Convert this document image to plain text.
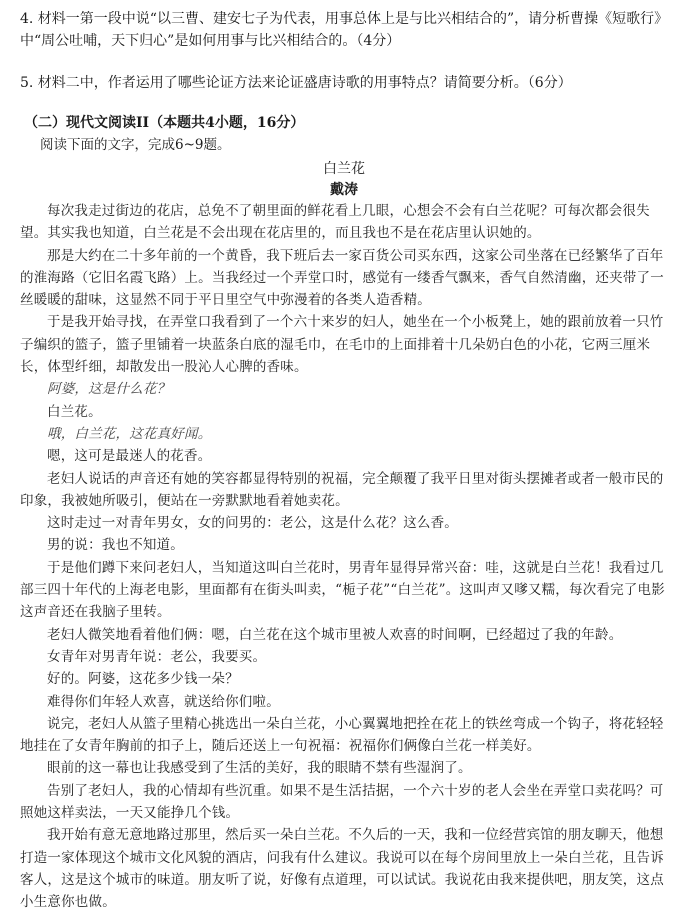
4. 材料一第一段中说“以三曹、建安七子为代表，用事总体上是与比兴相结合的”，请分析曹操《短歌行》中“周公吐哺，天下归心”是如何用事与比兴相结合的。（4分）

5. 材料二中，作者运用了哪些论证方法来论证盛唐诗歌的用事特点？请简要分析。（6分）

（二）现代文阅读II（本题共4小题，16分）

阅读下面的文字，完成6~9题。

白兰花

戴涛

每次我走过街边的花店，总免不了朝里面的鲜花看上几眼，心想会不会有白兰花呢？可每次都会很失望。其实我也知道，白兰花是不会出现在花店里的，而且我也不是在花店里认识她的。

那是大约在二十多年前的一个黄昏，我下班后去一家百货公司买东西，这家公司坐落在已经繁华了百年的淮海路（它旧名霞飞路）上。当我经过一个弄堂口时，感觉有一缕香气飘来，香气自然清幽，还夹带了一丝暖暖的甜味，这显然不同于平日里空气中弥漫着的各类人造香精。

于是我开始寻找，在弄堂口我看到了一个六十来岁的妇人，她坐在一个小板凳上，她的跟前放着一只竹子编织的篮子，篮子里铺着一块蓝条白底的湿毛巾，在毛巾的上面排着十几朵奶白色的小花，它两三厘米长，体型纤细，却散发出一股沁人心脾的香味。

阿婆，这是什么花？

白兰花。

哦，白兰花，这花真好闻。

嗯，这可是最迷人的花香。

老妇人说话的声音还有她的笑容都显得特别的祝福，完全颠覆了我平日里对街头摆摊者或者一般市民的印象，我被她所吸引，便站在一旁默默地看着她卖花。

这时走过一对青年男女，女的问男的：老公，这是什么花？这么香。

男的说：我也不知道。

于是他们蹲下来问老妇人，当知道这叫白兰花时，男青年显得异常兴奋：哇，这就是白兰花！我看过几部三四十年代的上海老电影，里面都有在街头叫卖，“栀子花”“白兰花”。这叫声又嗲又糯，每次看完了电影这声音还在我脑子里转。

老妇人微笑地看着他们俩：嗯，白兰花在这个城市里被人欢喜的时间啊，已经超过了我的年龄。

女青年对男青年说：老公，我要买。

好的。阿婆，这花多少钱一朵？

难得你们年轻人欢喜，就送给你们啦。

说完，老妇人从篮子里精心挑选出一朵白兰花，小心翼翼地把拴在花上的铁丝弯成一个钩子，将花轻轻地挂在了女青年胸前的扣子上，随后还送上一句祝福：祝福你们俩像白兰花一样美好。

眼前的这一幕也让我感受到了生活的美好，我的眼睛不禁有些湿润了。

告别了老妇人，我的心情却有些沉重。如果不是生活拮据，一个六十岁的老人会坐在弄堂口卖花吗？可照她这样卖法，一天又能挣几个钱。

我开始有意无意地路过那里，然后买一朵白兰花。不久后的一天，我和一位经营宾馆的朋友聊天，他想打造一家体现这个城市文化风貌的酒店，问我有什么建议。我说可以在每个房间里放上一朵白兰花，且告诉客人，这是这个城市的味道。朋友听了说，好像有点道理，可以试试。我说花由我来提供吧，朋友笑，这点小生意你也做。
